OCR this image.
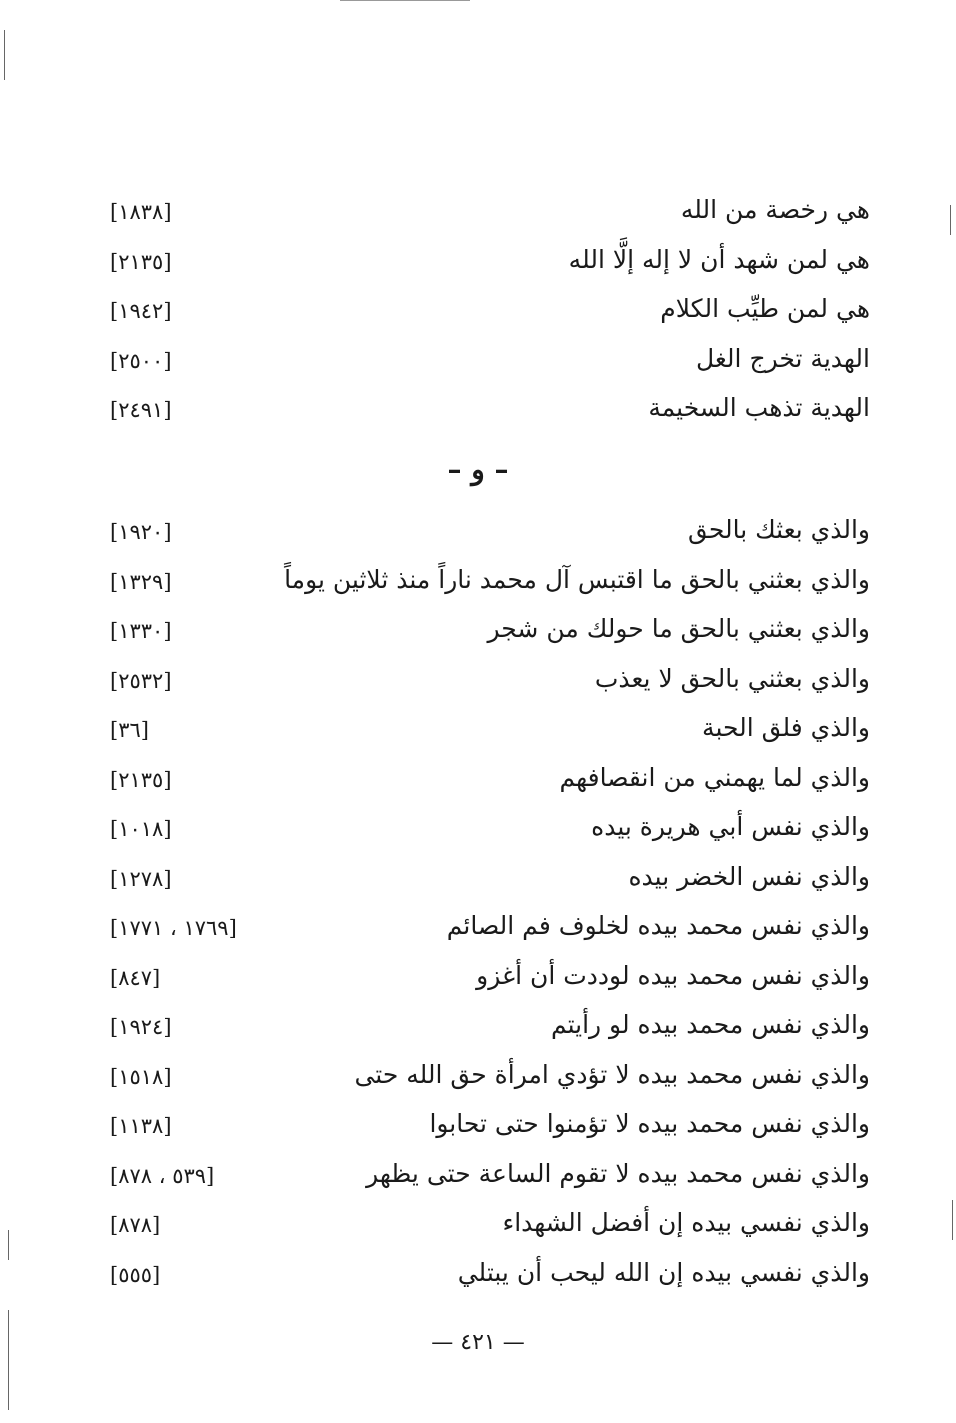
هي رخصة من الله
[١٨٣٨]
هي لمن شهد أن لا إله إلَّا الله
[٢١٣٥]
هي لمن طيِّب الكلام
[١٩٤٢]
الهدية تخرج الغل
[٢٥٠٠]
الهدية تذهب السخيمة
[٢٤٩١]
– و –
والذي بعثك بالحق
[١٩٢٠]
والذي بعثني بالحق ما اقتبس آل محمد ناراً منذ ثلاثين يوماً
[١٣٢٩]
والذي بعثني بالحق ما حولك من شجر
[١٣٣٠]
والذي بعثني بالحق لا يعذب
[٢٥٣٢]
والذي فلق الحبة
[٣٦]
والذي لما يهمني من انقصافهم
[٢١٣٥]
والذي نفس أبي هريرة بيده
[١٠١٨]
والذي نفس الخضر بيده
[١٢٧٨]
والذي نفس محمد بيده لخلوف فم الصائم
[١٧٦٩ ، ١٧٧١]
والذي نفس محمد بيده لوددت أن أغزو
[٨٤٧]
والذي نفس محمد بيده لو رأيتم
[١٩٢٤]
والذي نفس محمد بيده لا تؤدي امرأة حق الله حتى
[١٥١٨]
والذي نفس محمد بيده لا تؤمنوا حتى تحابوا
[١١٣٨]
والذي نفس محمد بيده لا تقوم الساعة حتى يظهر
[٥٣٩ ، ٨٧٨]
والذي نفسي بيده إن أفضل الشهداء
[٨٧٨]
والذي نفسي بيده إن الله ليحب أن يبتلي
[٥٥٥]
— ٤٢١ —
